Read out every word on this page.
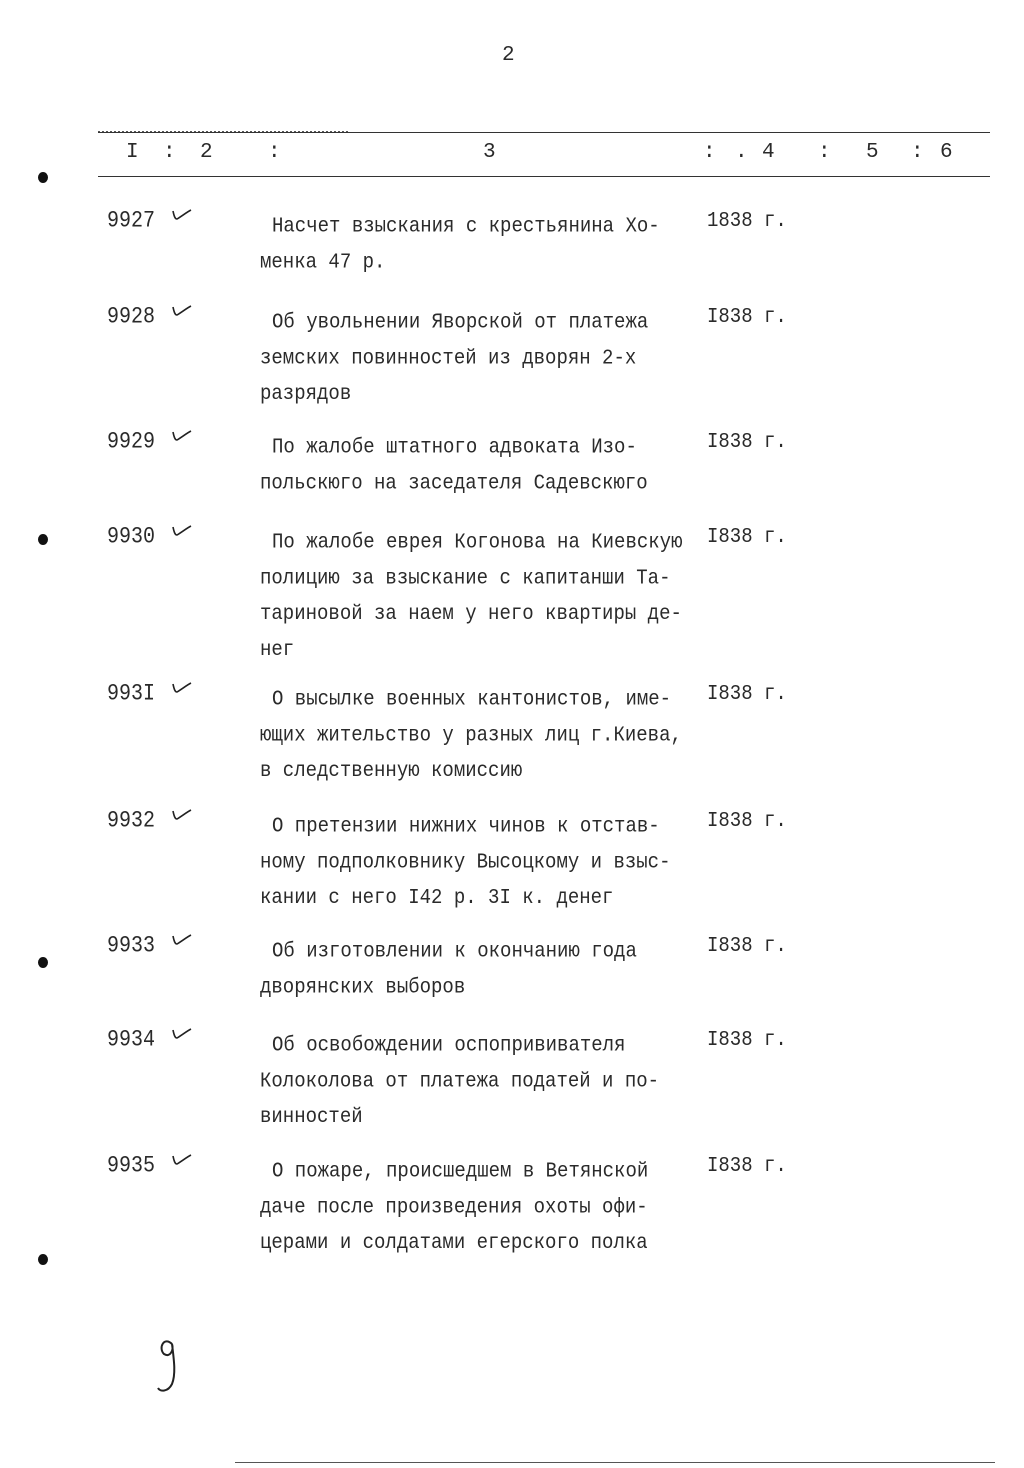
2
I : 2	:	3	: . 4 : 5 : 6
9927	Насчет взыскания с крестьянина Хо-
менка 47 р.
1838 г.
9928	Об увольнении Яворской от платежа
земских повинностей из дворян 2-х
разрядов
I838 г.
9929	По жалобе штатного адвоката Изо-
польскюго на заседателя Садевскюго
I838 г.
9930	По жалобе еврея Когонова на Киевскую
полицию за взыскание с капитанши Та-
тариновой за наем у него квартиры де-
нег
I838 г.
993I	О высылке военных кантонистов, име-
ющих жительство у разных лиц г.Киева,
в следственную комиссию
I838 г.
9932	О претензии нижних чинов к отстав-
ному подполковнику Высоцкому и взыс-
кании с него I42 р. 3I к. денег
I838 г.
9933	Об изготовлении к окончанию года
дворянских выборов
I838 г.
9934	Об освобождении оспопрививателя
Колоколова от платежа податей и по-
винностей
I838 г.
9935	О пожаре, происшедшем в Ветянской
даче после произведения охоты офи-
церами и солдатами егерского полка
I838 г.
